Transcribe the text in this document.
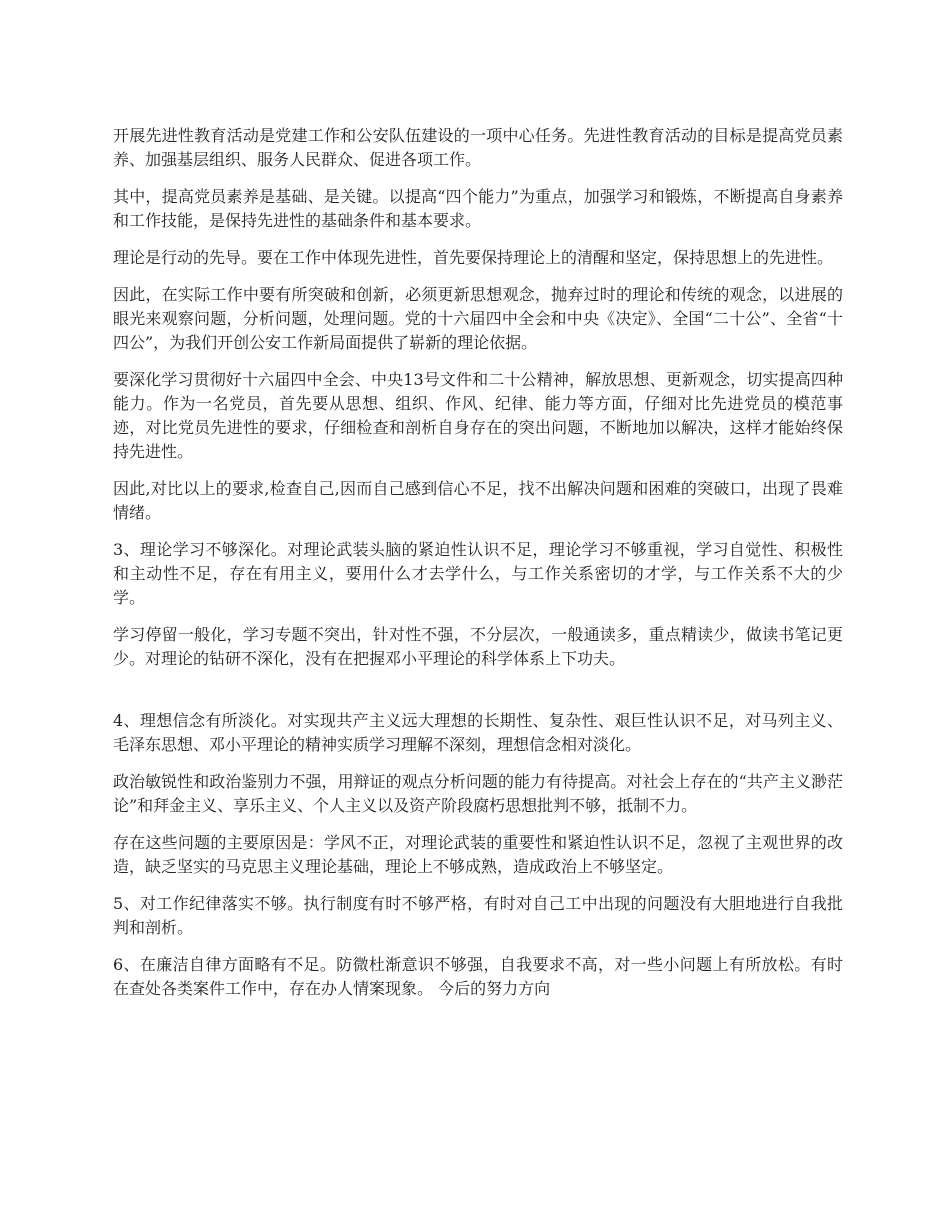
开展先进性教育活动是党建工作和公安队伍建设的一项中心任务。先进性教育活动的目标是提高党员素养、加强基层组织、服务人民群众、促进各项工作。

其中，提高党员素养是基础、是关键。以提高“四个能力”为重点，加强学习和锻炼，不断提高自身素养和工作技能，是保持先进性的基础条件和基本要求。

理论是行动的先导。要在工作中体现先进性，首先要保持理论上的清醒和坚定，保持思想上的先进性。

因此，在实际工作中要有所突破和创新，必须更新思想观念，抛弃过时的理论和传统的观念，以进展的眼光来观察问题，分析问题，处理问题。党的十六届四中全会和中央《决定》、全国“二十公”、全省“十四公”，为我们开创公安工作新局面提供了崭新的理论依据。

要深化学习贯彻好十六届四中全会、中央13号文件和二十公精神，解放思想、更新观念，切实提高四种能力。作为一名党员，首先要从思想、组织、作风、纪律、能力等方面，仔细对比先进党员的模范事迹，对比党员先进性的要求，仔细检查和剖析自身存在的突出问题，不断地加以解决，这样才能始终保持先进性。

因此,对比以上的要求,检查自己,因而自己感到信心不足，找不出解决问题和困难的突破口，出现了畏难情绪。

3、理论学习不够深化。对理论武装头脑的紧迫性认识不足，理论学习不够重视，学习自觉性、积极性和主动性不足，存在有用主义，要用什么才去学什么，与工作关系密切的才学，与工作关系不大的少学。

学习停留一般化，学习专题不突出，针对性不强，不分层次，一般通读多，重点精读少，做读书笔记更少。对理论的钻研不深化，没有在把握邓小平理论的科学体系上下功夫。

4、理想信念有所淡化。对实现共产主义远大理想的长期性、复杂性、艰巨性认识不足，对马列主义、毛泽东思想、邓小平理论的精神实质学习理解不深刻，理想信念相对淡化。

政治敏锐性和政治鉴别力不强，用辩证的观点分析问题的能力有待提高。对社会上存在的“共产主义渺茫论”和拜金主义、享乐主义、个人主义以及资产阶段腐朽思想批判不够，抵制不力。

存在这些问题的主要原因是：学风不正，对理论武装的重要性和紧迫性认识不足，忽视了主观世界的改造，缺乏坚实的马克思主义理论基础，理论上不够成熟，造成政治上不够坚定。

5、对工作纪律落实不够。执行制度有时不够严格，有时对自己工中出现的问题没有大胆地进行自我批判和剖析。

6、在廉洁自律方面略有不足。防微杜渐意识不够强，自我要求不高，对一些小问题上有所放松。有时在查处各类案件工作中，存在办人情案现象。 今后的努力方向
